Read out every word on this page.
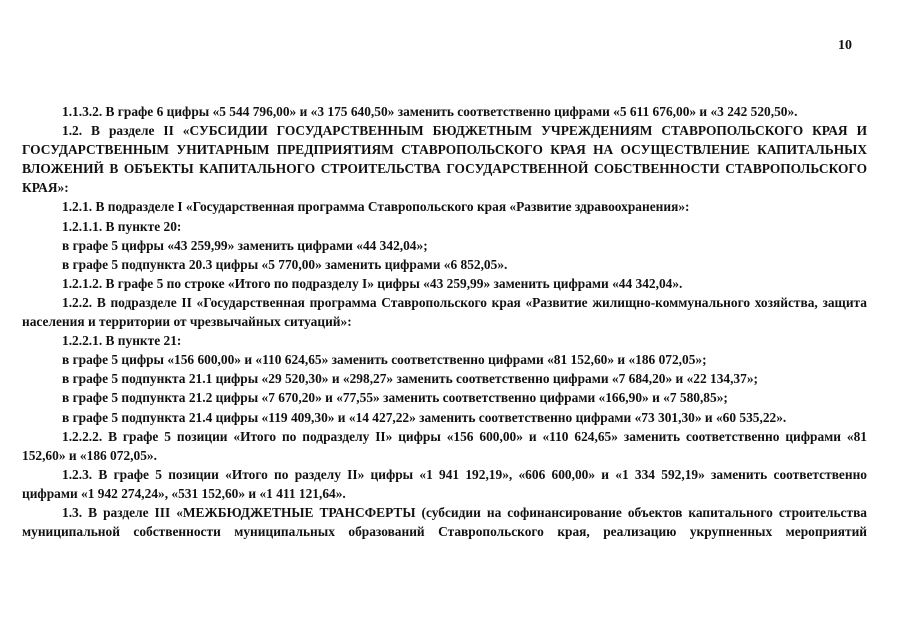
10

1.1.3.2. В графе 6 цифры «5 544 796,00» и «3 175 640,50» заменить соответственно цифрами «5 611 676,00» и «3 242 520,50».

1.2. В разделе II «СУБСИДИИ ГОСУДАРСТВЕННЫМ БЮДЖЕТНЫМ УЧРЕЖДЕНИЯМ СТАВРОПОЛЬСКОГО КРАЯ И ГОСУДАРСТВЕННЫМ УНИТАРНЫМ ПРЕДПРИЯТИЯМ СТАВРОПОЛЬСКОГО КРАЯ НА ОСУЩЕСТВЛЕНИЕ КАПИТАЛЬНЫХ ВЛОЖЕНИЙ В ОБЪЕКТЫ КАПИТАЛЬНОГО СТРОИТЕЛЬСТВА ГОСУДАРСТВЕННОЙ СОБСТВЕННОСТИ СТАВРОПОЛЬСКОГО КРАЯ»:

1.2.1. В подразделе I «Государственная программа Ставропольского края «Развитие здравоохранения»:

1.2.1.1. В пункте 20:

в графе 5 цифры «43 259,99» заменить цифрами «44 342,04»;

в графе 5 подпункта 20.3 цифры «5 770,00» заменить цифрами «6 852,05».

1.2.1.2. В графе 5 по строке «Итого по подразделу I» цифры «43 259,99» заменить цифрами «44 342,04».

1.2.2. В подразделе II «Государственная программа Ставропольского края «Развитие жилищно-коммунального хозяйства, защита населения и территории от чрезвычайных ситуаций»:

1.2.2.1. В пункте 21:

в графе 5 цифры «156 600,00» и «110 624,65» заменить соответственно цифрами «81 152,60» и «186 072,05»;

в графе 5 подпункта 21.1 цифры «29 520,30» и «298,27» заменить соответственно цифрами «7 684,20» и «22 134,37»;

в графе 5 подпункта 21.2 цифры «7 670,20» и «77,55» заменить соответственно цифрами «166,90» и «7 580,85»;

в графе 5 подпункта 21.4 цифры «119 409,30» и «14 427,22» заменить соответственно цифрами «73 301,30» и «60 535,22».

1.2.2.2. В графе 5 позиции «Итого по подразделу II» цифры «156 600,00» и «110 624,65» заменить соответственно цифрами «81 152,60» и «186 072,05».

1.2.3. В графе 5 позиции «Итого по разделу II» цифры «1 941 192,19», «606 600,00» и «1 334 592,19» заменить соответственно цифрами «1 942 274,24», «531 152,60» и «1 411 121,64».

1.3. В разделе III «МЕЖБЮДЖЕТНЫЕ ТРАНСФЕРТЫ (субсидии на софинансирование объектов капитального строительства муниципальной собственности муниципальных образований Ставропольского края, реализацию укрупненных мероприятий
